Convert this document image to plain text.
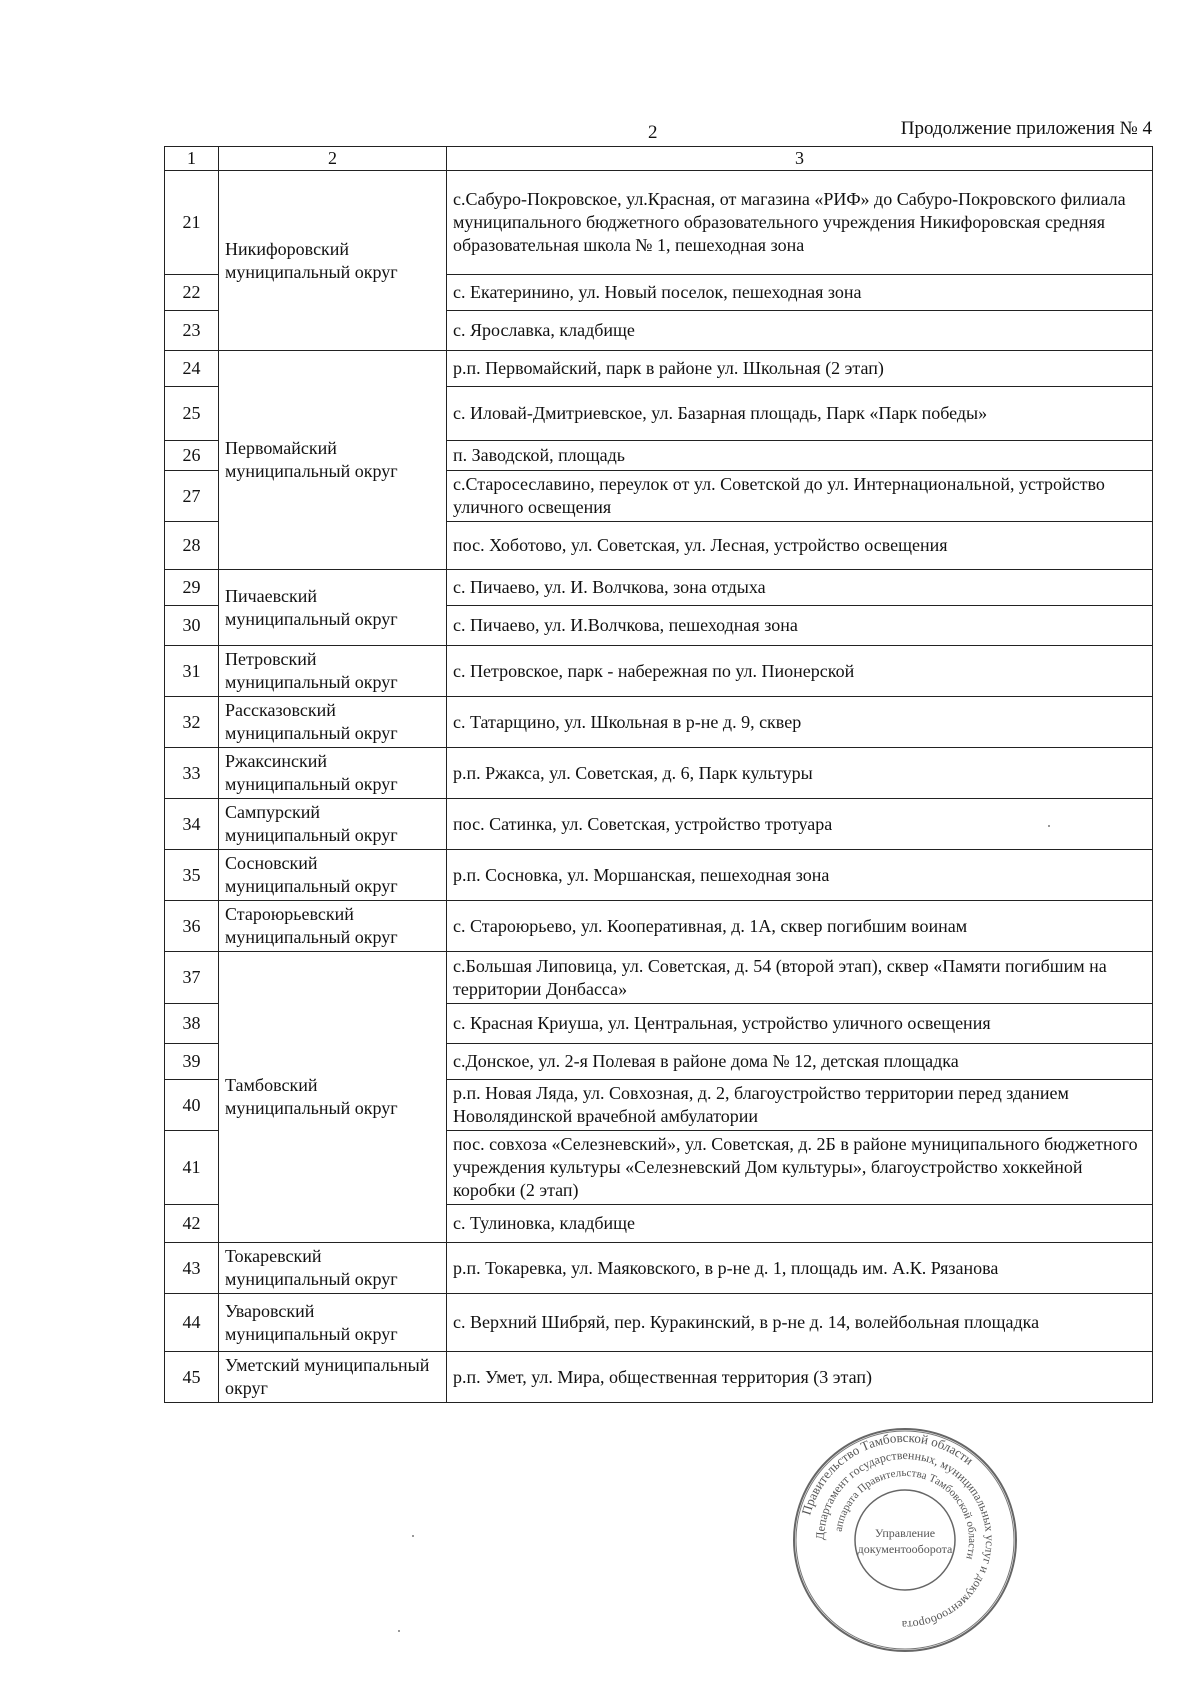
2	Продолжение приложения № 4
1	2	3
21	Никифоровский муниципальный округ	с.Сабуро-Покровское, ул.Красная, от магазина «РИФ» до Сабуро-Покровского филиала муниципального бюджетного образовательного учреждения Никифоровская средняя образовательная школа № 1, пешеходная зона
22		с. Екатеринино, ул. Новый поселок, пешеходная зона
23		с. Ярославка, кладбище
24	Первомайский муниципальный округ	р.п. Первомайский, парк в районе ул. Школьная (2 этап)
25		с. Иловай-Дмитриевское, ул. Базарная площадь, Парк «Парк победы»
26		п. Заводской, площадь
27		с.Старосеславино, переулок от ул. Советской до ул. Интернациональной, устройство уличного освещения
28		пос. Хоботово, ул. Советская, ул. Лесная, устройство освещения
29	Пичаевский муниципальный округ	с. Пичаево, ул. И. Волчкова, зона отдыха
30		с. Пичаево, ул. И.Волчкова, пешеходная зона
31	Петровский муниципальный округ	с. Петровское, парк - набережная по ул. Пионерской
32	Рассказовский муниципальный округ	с. Татарщино, ул. Школьная в р-не д. 9, сквер
33	Ржаксинский муниципальный округ	р.п. Ржакса, ул. Советская, д. 6, Парк культуры
34	Сампурский муниципальный округ	пос. Сатинка, ул. Советская, устройство тротуара
35	Сосновский муниципальный округ	р.п. Сосновка, ул. Моршанская, пешеходная зона
36	Староюрьевский муниципальный округ	с. Староюрьево, ул. Кооперативная, д. 1А, сквер погибшим воинам
37	Тамбовский муниципальный округ	с.Большая Липовица, ул. Советская, д. 54 (второй этап), сквер «Памяти погибшим на территории Донбасса»
38		с. Красная Криуша, ул. Центральная, устройство уличного освещения
39		с.Донское, ул. 2-я Полевая в районе дома № 12, детская площадка
40		р.п. Новая Ляда, ул. Совхозная, д. 2, благоустройство территории перед зданием Новолядинской врачебной амбулатории
41		пос. совхоза «Селезневский», ул. Советская, д. 2Б в районе муниципального бюджетного учреждения культуры «Селезневский Дом культуры», благоустройство хоккейной коробки (2 этап)
42		с. Тулиновка, кладбище
43	Токаревский муниципальный округ	р.п. Токаревка, ул. Маяковского, в р-не д. 1, площадь им. А.К. Рязанова
44	Уваровский муниципальный округ	с. Верхний Шибряй, пер. Куракинский, в р-не д. 14, волейбольная площадка
45	Уметский муниципальный округ	р.п. Умет, ул. Мира, общественная территория (3 этап)
Правительство Тамбовской области
Департамент государственных, муниципальных услуг и документооборота
аппарата Правительства Тамбовской области
Управление
документооборота
